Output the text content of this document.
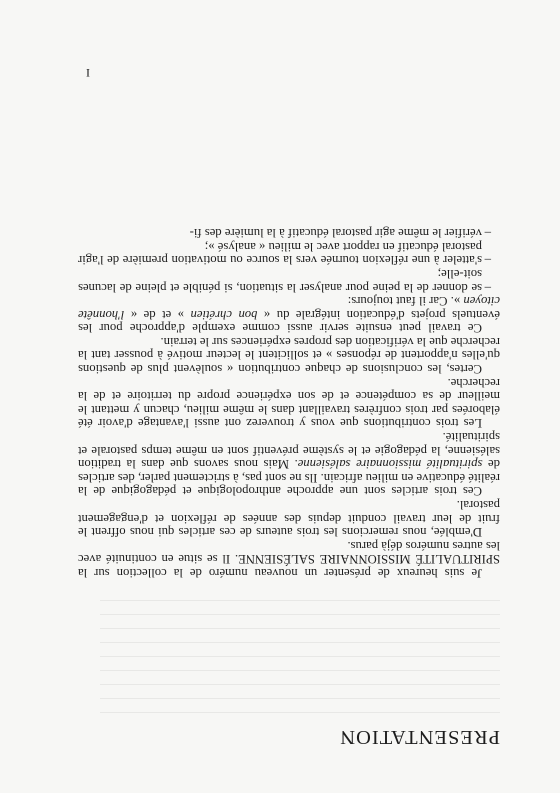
PRESENTATION

Je suis heureux de présenter un nouveau numéro de la collection sur la SPIRITUALITÉ MISSIONNAIRE SALÉSIENNE. Il se situe en continuité avec les autres numéros déjà parus.

D'emblée, nous remercions les trois auteurs de ces articles qui nous offrent le fruit de leur travail conduit depuis des années de réflexion et d'engagement pastoral.

Ces trois articles sont une approche anthropologique et pédagogique de la réalité éducative en milieu africain. Ils ne sont pas, à strictement parler, des articles de spiritualité missionnaire salésienne. Mais nous savons que dans la tradition salésienne, la pédagogie et le système préventif sont en même temps pastorale et spiritualité.

Les trois contributions que vous y trouverez ont aussi l'avantage d'avoir été élaborées par trois confrères travaillant dans le même milieu, chacun y mettant le meilleur de sa compétence et de son expérience propre du territoire et de la recherche.

Certes, les conclusions de chaque contribution « soulèvent plus de questions qu'elles n'apportent de réponses » et sollicitent le lecteur motivé à pousser tant la recherche que la vérification des propres expériences sur le terrain.

Ce travail peut ensuite servir aussi comme exemple d'approche pour les éventuels projets d'éducation intégrale du « bon chrétien » et de « l'honnête citoyen ». Car il faut toujours:

–se donner de la peine pour analyser la situation, si pénible et pleine de lacunes soit-elle;

–s'atteler à une réflexion tournée vers la source ou motivation première de l'agir pastoral éducatif en rapport avec le milieu « analysé »;

–vérifier le même agir pastoral éducatif à la lumière des fi-

I
